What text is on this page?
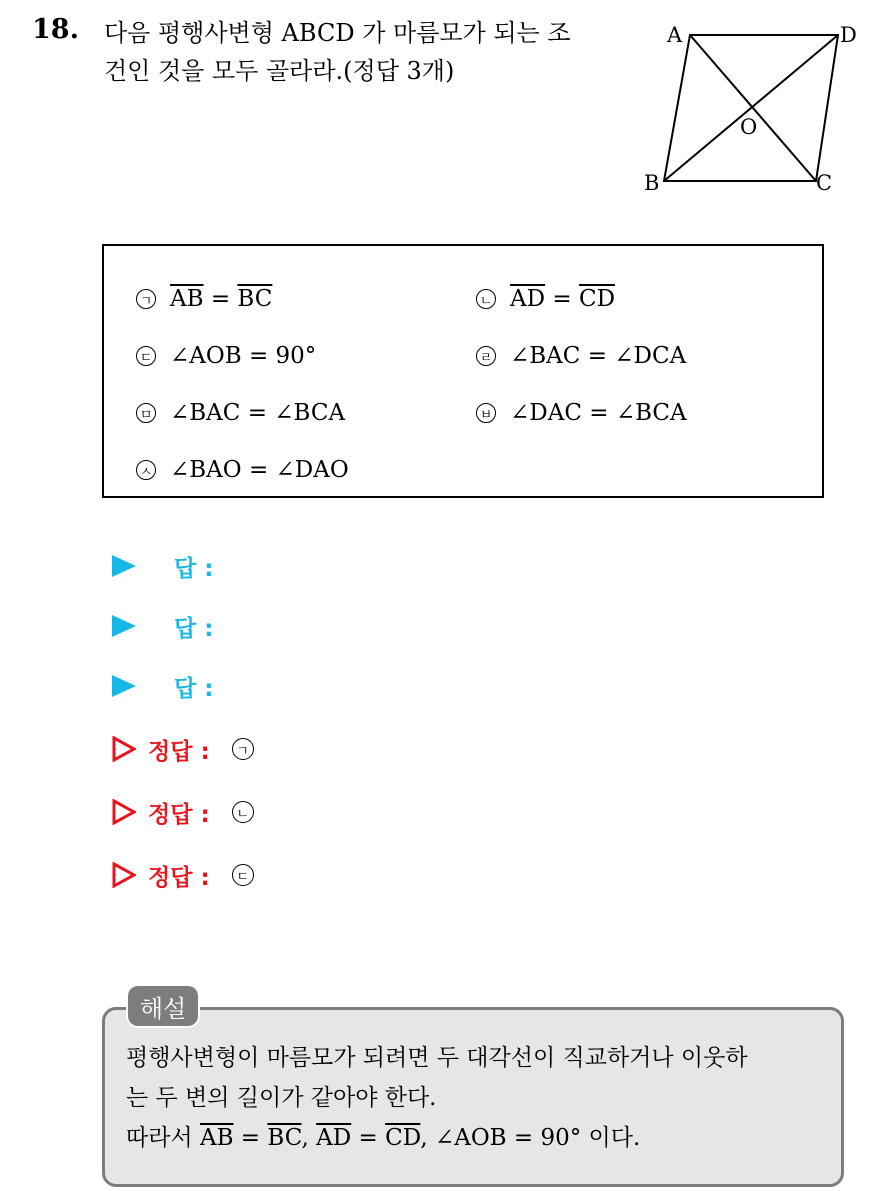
18. 다음 평행사변형 ABCD 가 마름모가 되는 조
건인 것을 모두 골라라.(정답 3개)
A	D
B	C
O
ㄱ $\overline{AB} = \overline{BC}$	ㄴ $\overline{AD} = \overline{CD}$
ㄷ ∠AOB = 90°	ㄹ ∠BAC = ∠DCA
ㅁ ∠BAC = ∠BCA	ㅂ ∠DAC = ∠BCA
ㅅ ∠BAO = ∠DAO
답 :
답 :
답 :
정답 :	ㄱ
정답 :	ㄴ
정답 :	ㄷ
해설
평행사변형이 마름모가 되려면 두 대각선이 직교하거나 이웃하
는 두 변의 길이가 같아야 한다.
따라서 $\overline{AB} = \overline{BC}$, $\overline{AD} = \overline{CD}$, ∠AOB = 90° 이다.
